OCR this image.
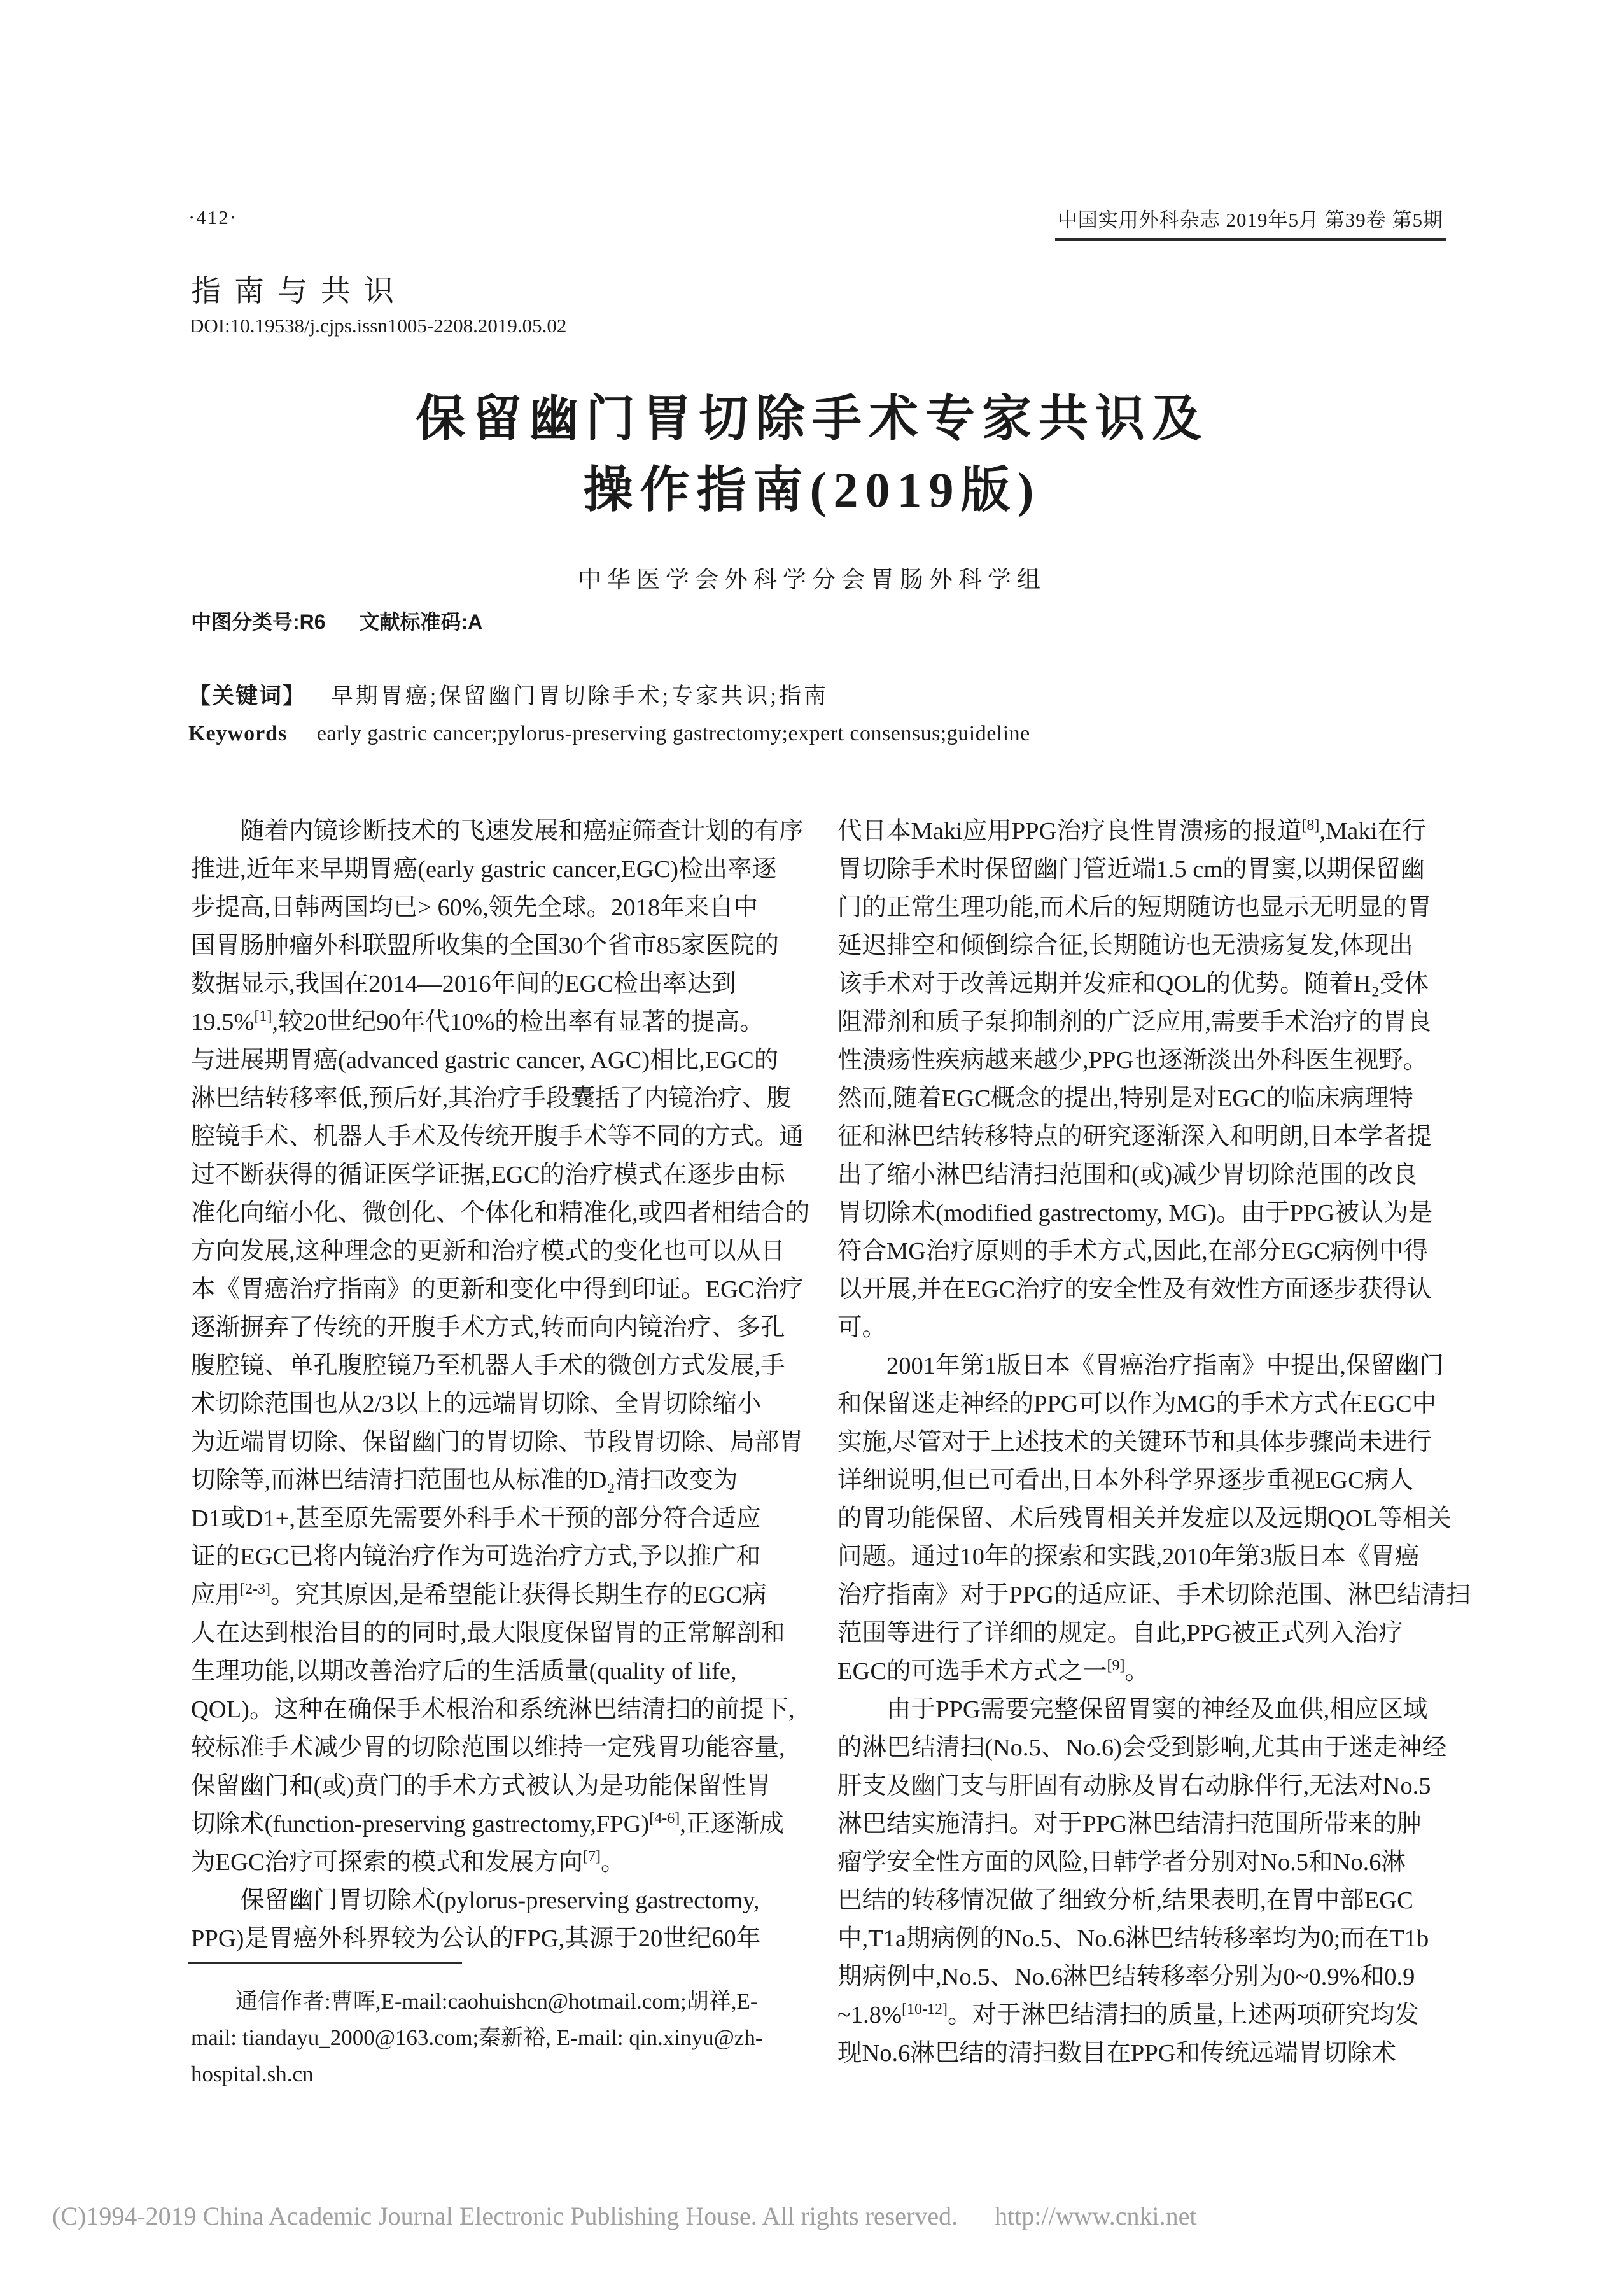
·412·	中国实用外科杂志 2019年5月 第39卷 第5期
指南与共识
DOI:10.19538/j.cjps.issn1005-2208.2019.05.02
保留幽门胃切除手术专家共识及
操作指南(2019版)
中华医学会外科学分会胃肠外科学组
中图分类号:R6 文献标准码:A
【关键词】 早期胃癌;保留幽门胃切除手术;专家共识;指南
Keywords early gastric cancer;pylorus-preserving gastrectomy;expert consensus;guideline
　　随着内镜诊断技术的飞速发展和癌症筛查计划的有序
推进,近年来早期胃癌(early gastric cancer,EGC)检出率逐
步提高,日韩两国均已> 60%,领先全球。2018年来自中
国胃肠肿瘤外科联盟所收集的全国30个省市85家医院的
数据显示,我国在2014—2016年间的EGC检出率达到
19.5%[1],较20世纪90年代10%的检出率有显著的提高。
与进展期胃癌(advanced gastric cancer, AGC)相比,EGC的
淋巴结转移率低,预后好,其治疗手段囊括了内镜治疗、腹
腔镜手术、机器人手术及传统开腹手术等不同的方式。通
过不断获得的循证医学证据,EGC的治疗模式在逐步由标
准化向缩小化、微创化、个体化和精准化,或四者相结合的
方向发展,这种理念的更新和治疗模式的变化也可以从日
本《胃癌治疗指南》的更新和变化中得到印证。EGC治疗
逐渐摒弃了传统的开腹手术方式,转而向内镜治疗、多孔
腹腔镜、单孔腹腔镜乃至机器人手术的微创方式发展,手
术切除范围也从2/3以上的远端胃切除、全胃切除缩小
为近端胃切除、保留幽门的胃切除、节段胃切除、局部胃
切除等,而淋巴结清扫范围也从标准的D₂清扫改变为
D1或D1+,甚至原先需要外科手术干预的部分符合适应
证的EGC已将内镜治疗作为可选治疗方式,予以推广和
应用[2-3]。究其原因,是希望能让获得长期生存的EGC病
人在达到根治目的的同时,最大限度保留胃的正常解剖和
生理功能,以期改善治疗后的生活质量(quality of life,
QOL)。这种在确保手术根治和系统淋巴结清扫的前提下,
较标准手术减少胃的切除范围以维持一定残胃功能容量,
保留幽门和(或)贲门的手术方式被认为是功能保留性胃
切除术(function-preserving gastrectomy,FPG)[4-6],正逐渐成
为EGC治疗可探索的模式和发展方向[7]。
　　保留幽门胃切除术(pylorus-preserving gastrectomy,
PPG)是胃癌外科界较为公认的FPG,其源于20世纪60年
代日本Maki应用PPG治疗良性胃溃疡的报道[8],Maki在行
胃切除手术时保留幽门管近端1.5 cm的胃窦,以期保留幽
门的正常生理功能,而术后的短期随访也显示无明显的胃
延迟排空和倾倒综合征,长期随访也无溃疡复发,体现出
该手术对于改善远期并发症和QOL的优势。随着H₂受体
阻滞剂和质子泵抑制剂的广泛应用,需要手术治疗的胃良
性溃疡性疾病越来越少,PPG也逐渐淡出外科医生视野。
然而,随着EGC概念的提出,特别是对EGC的临床病理特
征和淋巴结转移特点的研究逐渐深入和明朗,日本学者提
出了缩小淋巴结清扫范围和(或)减少胃切除范围的改良
胃切除术(modified gastrectomy, MG)。由于PPG被认为是
符合MG治疗原则的手术方式,因此,在部分EGC病例中得
以开展,并在EGC治疗的安全性及有效性方面逐步获得认
可。
　　2001年第1版日本《胃癌治疗指南》中提出,保留幽门
和保留迷走神经的PPG可以作为MG的手术方式在EGC中
实施,尽管对于上述技术的关键环节和具体步骤尚未进行
详细说明,但已可看出,日本外科学界逐步重视EGC病人
的胃功能保留、术后残胃相关并发症以及远期QOL等相关
问题。通过10年的探索和实践,2010年第3版日本《胃癌
治疗指南》对于PPG的适应证、手术切除范围、淋巴结清扫
范围等进行了详细的规定。自此,PPG被正式列入治疗
EGC的可选手术方式之一[9]。
　　由于PPG需要完整保留胃窦的神经及血供,相应区域
的淋巴结清扫(No.5、No.6)会受到影响,尤其由于迷走神经
肝支及幽门支与肝固有动脉及胃右动脉伴行,无法对No.5
淋巴结实施清扫。对于PPG淋巴结清扫范围所带来的肿
瘤学安全性方面的风险,日韩学者分别对No.5和No.6淋
巴结的转移情况做了细致分析,结果表明,在胃中部EGC
中,T1a期病例的No.5、No.6淋巴结转移率均为0;而在T1b
期病例中,No.5、No.6淋巴结转移率分别为0~0.9%和0.9
~1.8%[10-12]。对于淋巴结清扫的质量,上述两项研究均发
现No.6淋巴结的清扫数目在PPG和传统远端胃切除术
　　通信作者:曹晖,E-mail:caohuishcn@hotmail.com;胡祥,E-
mail: tiandayu_2000@163.com;秦新裕, E-mail: qin.xinyu@zh-
hospital.sh.cn
(C)1994-2019 China Academic Journal Electronic Publishing House. All rights reserved. http://www.cnki.net
